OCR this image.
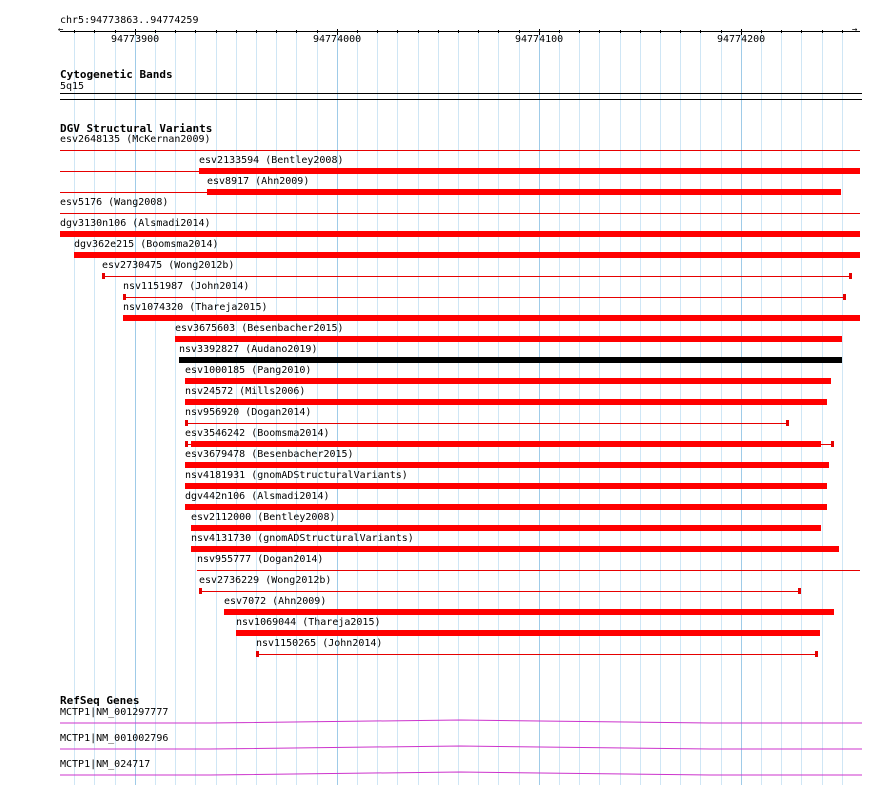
chr5:94773863..94774259
←	→
94773900	94774000	94774100	94774200
Cytogenetic Bands
5q15
DGV Structural Variants
esv2648135 (McKernan2009)
esv2133594 (Bentley2008)
esv8917 (Ahn2009)
esv5176 (Wang2008)
dgv3130n106 (Alsmadi2014)
dgv362e215 (Boomsma2014)
esv2730475 (Wong2012b)
nsv1151987 (John2014)
nsv1074320 (Thareja2015)
esv3675603 (Besenbacher2015)
nsv3392827 (Audano2019)
esv1000185 (Pang2010)
nsv24572 (Mills2006)
nsv956920 (Dogan2014)
esv3546242 (Boomsma2014)
esv3679478 (Besenbacher2015)
nsv4181931 (gnomADStructuralVariants)
dgv442n106 (Alsmadi2014)
esv2112000 (Bentley2008)
nsv4131730 (gnomADStructuralVariants)
nsv955777 (Dogan2014)
esv2736229 (Wong2012b)
esv7072 (Ahn2009)
nsv1069044 (Thareja2015)
nsv1150265 (John2014)
RefSeq Genes
MCTP1|NM_001297777
MCTP1|NM_001002796
MCTP1|NM_024717
